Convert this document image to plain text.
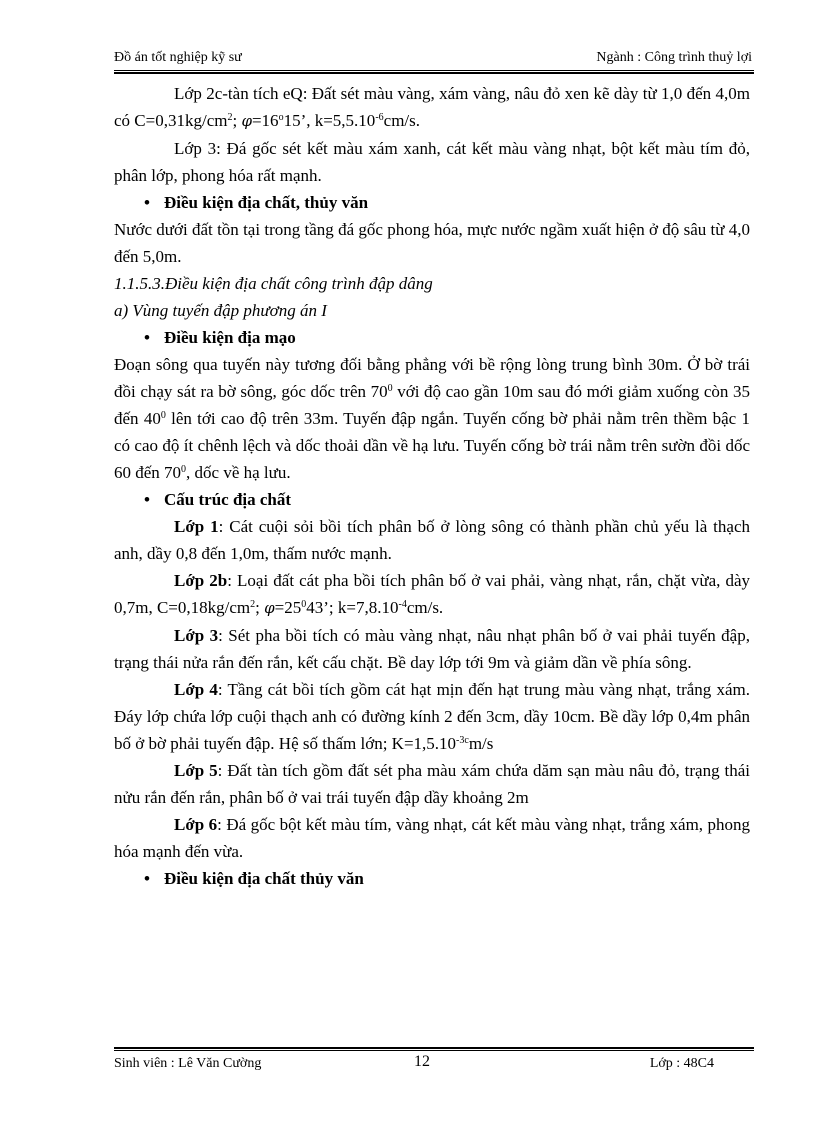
Đồ án tốt nghiệp kỹ sư	Ngành : Công trình thuỷ lợi

Lớp 2c-tàn tích eQ: Đất sét màu vàng, xám vàng, nâu đỏ xen kẽ dày từ 1,0 đến 4,0m có $C=0,31kg/cm^2$; $\varphi=16^o15$’, $k=5,5.10^{-6}cm/s$.

Lớp 3: Đá gốc sét kết màu xám xanh, cát kết màu vàng nhạt, bột kết màu tím đỏ, phân lớp, phong hóa rất mạnh.

• Điều kiện địa chất, thủy văn

Nước dưới đất tồn tại trong tầng đá gốc phong hóa, mực nước ngầm xuất hiện ở độ sâu từ 4,0 đến 5,0m.

1.1.5.3.Điều kiện địa chất công trình đập dâng

a) Vùng tuyến đập phương án I

• Điều kiện địa mạo

Đoạn sông qua tuyến này tương đối bằng phẳng với bề rộng lòng trung bình 30m. Ở bờ trái đồi chạy sát ra bờ sông, góc dốc trên $70^0$ với độ cao gần 10m sau đó mới giảm xuống còn 35 đến $40^0$ lên tới cao độ trên 33m. Tuyến đập ngắn. Tuyến cống bờ phải nằm trên thềm bậc 1 có cao độ ít chênh lệch và dốc thoải dần về hạ lưu. Tuyến cống bờ trái nằm trên sườn đồi dốc 60 đến $70^0$, dốc về hạ lưu.

• Cấu trúc địa chất

Lớp 1: Cát cuội sỏi bồi tích phân bố ở lòng sông có thành phần chủ yếu là thạch anh, dầy 0,8 đến 1,0m, thấm nước mạnh.

Lớp 2b: Loại đất cát pha bồi tích phân bố ở vai phải, vàng nhạt, rắn, chặt vừa, dày 0,7m, $C=0,18kg/cm^2$; $\varphi=25^043$’; $k=7,8.10^{-4}cm/s$.

Lớp 3: Sét pha bồi tích có màu vàng nhạt, nâu nhạt phân bố ở vai phải tuyến đập, trạng thái nửa rắn đến rắn, kết cấu chặt. Bề day lớp tới 9m và giảm dần về phía sông.

Lớp 4: Tầng cát bồi tích gồm cát hạt mịn đến hạt trung màu vàng nhạt, trắng xám. Đáy lớp chứa lớp cuội thạch anh có đường kính 2 đến 3cm, dầy 10cm. Bề dầy lớp 0,4m phân bố ở bờ phải tuyến đập. Hệ số thấm lớn; $K=1,5.10^{-3c}m/s$

Lớp 5: Đất tàn tích gồm đất sét pha màu xám chứa dăm sạn màu nâu đỏ, trạng thái nửu rắn đến rắn, phân bố ở vai trái tuyến đập dầy khoảng 2m

Lớp 6: Đá gốc bột kết màu tím, vàng nhạt, cát kết màu vàng nhạt, trắng xám, phong hóa mạnh đến vừa.

• Điều kiện địa chất thủy văn

Sinh viên : Lê Văn Cường	12	Lớp : 48C4
